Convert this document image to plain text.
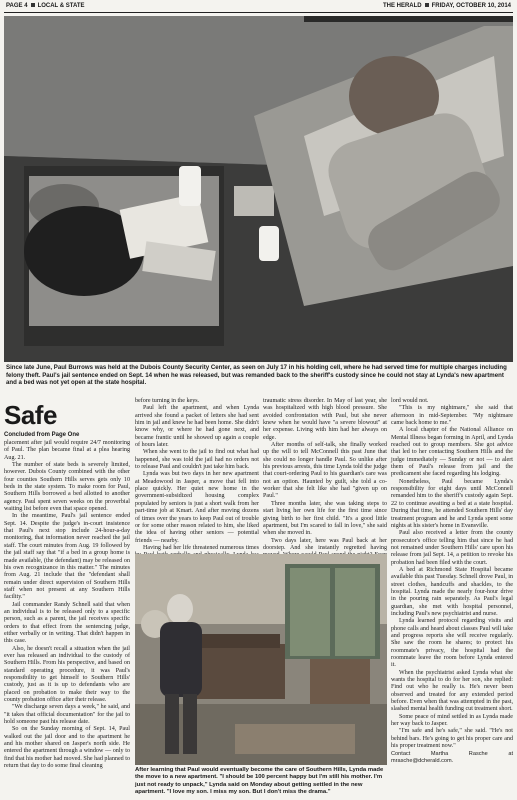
PAGE 4 LOCAL & STATE	THE HERALD FRIDAY, OCTOBER 10, 2014
Since late June, Paul Burrows was held at the Dubois County Security Center, as seen on July 17 in his holding cell, where he had served time for multiple charges including felony theft. Paul's jail sentence ended on Sept. 14 when he was released, but was remanded back to the sheriff's custody since he could not stay at Lynda's new apartment and a bed was not yet open at the state hospital.
Safe
Concluded from Page One

placement after jail would require 24/7 monitoring of Paul. The plan became final at a plea hearing Aug. 21.

The number of state beds is severely limited, however. Dubois County combined with the other four counties Southern Hills serves gets only 10 beds in the state system. To make room for Paul, Southern Hills borrowed a bed allotted to another agency. Paul spent seven weeks on the proverbial waiting list before even that space opened.

In the meantime, Paul's jail sentence ended Sept. 14. Despite the judge's in-court insistence that Paul's next stop include 24-hour-a-day monitoring, that information never reached the jail staff. The court minutes from Aug. 19 followed by the jail staff say that "if a bed in a group home is made available, (the defendant) may be released on his own recognizance in this matter." The minutes from Aug. 21 include that the "defendant shall remain under direct supervision of Southern Hills staff when not present at any Southern Hills facility."

Jail commander Randy Schnell said that when an individual is to be released only to a specific person, such as a parent, the jail receives specific orders to that effect from the sentencing judge, either verbally or in writing. That didn't happen in this case.

Also, he doesn't recall a situation when the jail ever has released an individual to the custody of Southern Hills. From his perspective, and based on standard operating procedure, it was Paul's responsibility to get himself to Southern Hills' custody, just as it is up to defendants who are placed on probation to make their way to the county probation office after their release.

"We discharge seven days a week," he said, and "it takes that official documentation" for the jail to hold someone past his release date.

So on the Sunday morning of Sept. 14, Paul walked out the jail door and to the apartment he and his mother shared on Jasper's north side. He entered the apartment through a window — only to find that his mother had moved. She had planned to return that day to do some final cleaning

before turning in the keys.

Paul left the apartment, and when Lynda arrived she found a packet of letters she had sent him in jail and knew he had been home. She didn't know why, or where he had gone next, and became frantic until he showed up again a couple of hours later.

When she went to the jail to find out what had happened, she was told the jail had no orders not to release Paul and couldn't just take him back.

Lynda was but two days in her new apartment at Meadowood in Jasper, a move that fell into place quickly. Her quiet new home in the government-subsidized housing complex populated by seniors is just a short walk from her part-time job at Kmart. And after moving dozens of times over the years to keep Paul out of trouble or for some other reason related to him, she liked the idea of having other seniors — potential friends — nearby.

Having had her life threatened numerous times

traumatic stress disorder. In May of last year, she was hospitalized with high blood pressure. She avoided confrontation with Paul, but she never knew when he would have "a severe blowout" at her expense. Living with him had her always on edge.

After months of self-talk, she finally worked up the will to tell McConnell this past June that she could no longer handle Paul. So unlike after his previous arrests, this time Lynda told the judge that court-ordering Paul to his guardian's care was not an option. Haunted by guilt, she told a co-worker that she felt like she had "given up on Paul."

Three months later, she was taking steps to start living her own life for the first time since giving birth to her first child. "It's a good little apartment, but I'm scared to fall in love," she said when she moved in.

Two days later, here was Paul back at her doorstep. And she instantly regretted having

lord would not.

"This is my nightmare," she said that afternoon in mid-September. "My nightmare came back home to me."

A local chapter of the National Alliance on Mental Illness began forming in April, and Lynda reached out to group members. She got advice that led to her contacting Southern Hills and the judge immediately — Sunday or not — to alert them of Paul's release from jail and the predicament she faced regarding his lodging.

Nonetheless, Paul became Lynda's responsibility for eight days until McConnell remanded him to the sheriff's custody again Sept. 22 to continue awaiting a bed at a state hospital. During that time, he attended Southern Hills' day treatment program and he and Lynda spent some nights at his sister's home in Evansville.

Paul also received a letter from the county prosecutor's office telling him that since he had not remained under Southern Hills' care upon his release from jail Sept. 14, a petition to revoke his probation had been filed with the court.

A bed at Richmond State Hospital became available this past Tuesday. Schnell drove Paul, in street clothes, handcuffs and shackles, to the hospital. Lynda made the nearly four-hour drive in the pouring rain separately. As Paul's legal guardian, she met with hospital personnel, including Paul's new psychiatrist and nurse.

Lynda learned protocol regarding visits and phone calls and heard about classes Paul will take and progress reports she will receive regularly. She saw the room he shares; to protect his roommate's privacy, the hospital had the roommate leave the room before Lynda entered it.

When the psychiatrist asked Lynda what she wants the hospital to do for her son, she replied: Find out who he really is. He's never been observed and treated for any extended period before. Even when that was attempted in the past, slashed mental health funding cut treatment short.

Some peace of mind settled in as Lynda made her way back to Jasper.

"I'm safe and he's safe," she said. "He's not behind bars. He's going to get his proper care and his proper treatment now."

Contact Martha Rasche at mrasche@dcherald.com.

After learning that Paul would eventually become the care of Southern Hills, Lynda made the move to a new apartment. "I should be 100 percent happy but I'm still his mother. I'm just not ready to unpack," Lynda said on Monday about getting settled in the new apartment. "I love my son. I miss my son. But I don't miss the drama."
